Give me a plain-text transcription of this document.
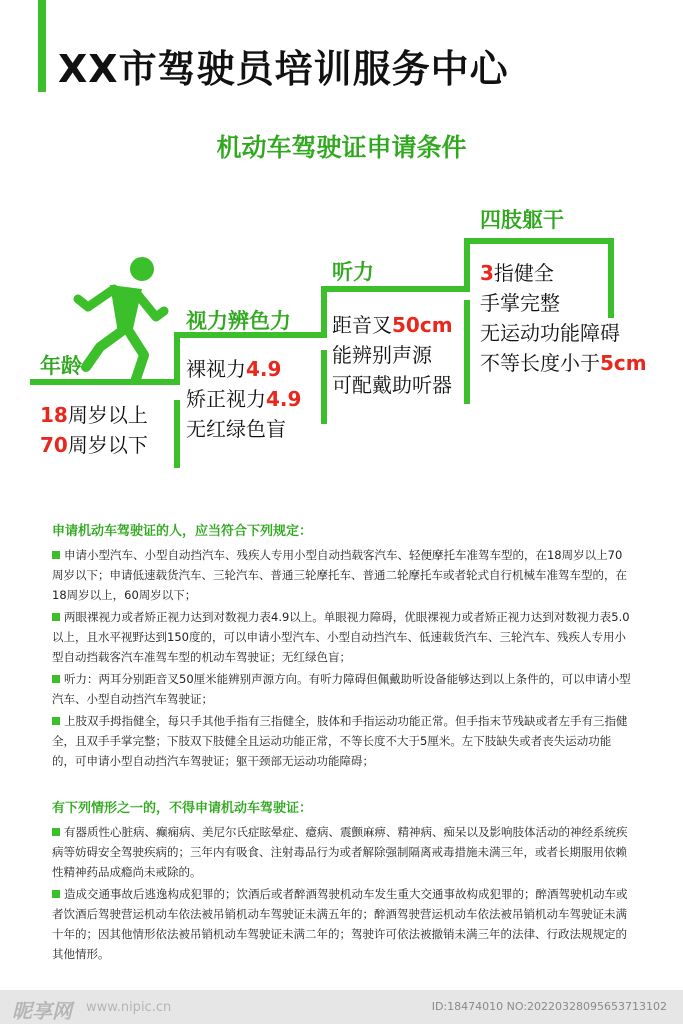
XX市驾驶员培训服务中心
机动车驾驶证申请条件
年龄
18周岁以上
70周岁以下
视力辨色力
裸视力4.9
矫正视力4.9
无红绿色盲
听力
距音叉50cm
能辨别声源
可配戴助听器
四肢躯干
3指健全
手掌完整
无运动功能障碍
不等长度小于5cm
申请机动车驾驶证的人，应当符合下列规定：

申请小型汽车、小型自动挡汽车、残疾人专用小型自动挡载客汽车、轻便摩托车准驾车型的，在18周岁以上70周岁以下；申请低速载货汽车、三轮汽车、普通三轮摩托车、普通二轮摩托车或者轮式自行机械车准驾车型的，在18周岁以上，60周岁以下；

两眼裸视力或者矫正视力达到对数视力表4.9以上。单眼视力障碍，优眼裸视力或者矫正视力达到对数视力表5.0以上，且水平视野达到150度的，可以申请小型汽车、小型自动挡汽车、低速载货汽车、三轮汽车、残疾人专用小型自动挡载客汽车准驾车型的机动车驾驶证；无红绿色盲；

听力：两耳分别距音叉50厘米能辨别声源方向。有听力障碍但佩戴助听设备能够达到以上条件的，可以申请小型汽车、小型自动挡汽车驾驶证；

上肢双手拇指健全，每只手其他手指有三指健全，肢体和手指运动功能正常。但手指末节残缺或者左手有三指健全，且双手手掌完整；下肢双下肢健全且运动功能正常，不等长度不大于5厘米。左下肢缺失或者丧失运动功能的，可申请小型自动挡汽车驾驶证；躯干颈部无运动功能障碍；

有下列情形之一的，不得申请机动车驾驶证：

有器质性心脏病、癫痫病、美尼尔氏症眩晕症、癔病、震颤麻痹、精神病、痴呆以及影响肢体活动的神经系统疾病等妨碍安全驾驶疾病的；三年内有吸食、注射毒品行为或者解除强制隔离戒毒措施未满三年，或者长期服用依赖性精神药品成瘾尚未戒除的。

造成交通事故后逃逸构成犯罪的；饮酒后或者醉酒驾驶机动车发生重大交通事故构成犯罪的；醉酒驾驶机动车或者饮酒后驾驶营运机动车依法被吊销机动车驾驶证未满五年的；醉酒驾驶营运机动车依法被吊销机动车驾驶证未满十年的；因其他情形依法被吊销机动车驾驶证未满二年的；驾驶许可依法被撤销未满三年的法律、行政法规规定的其他情形。

昵享网 www.nipic.cn	ID:18474010 NO:20220328095653713102
